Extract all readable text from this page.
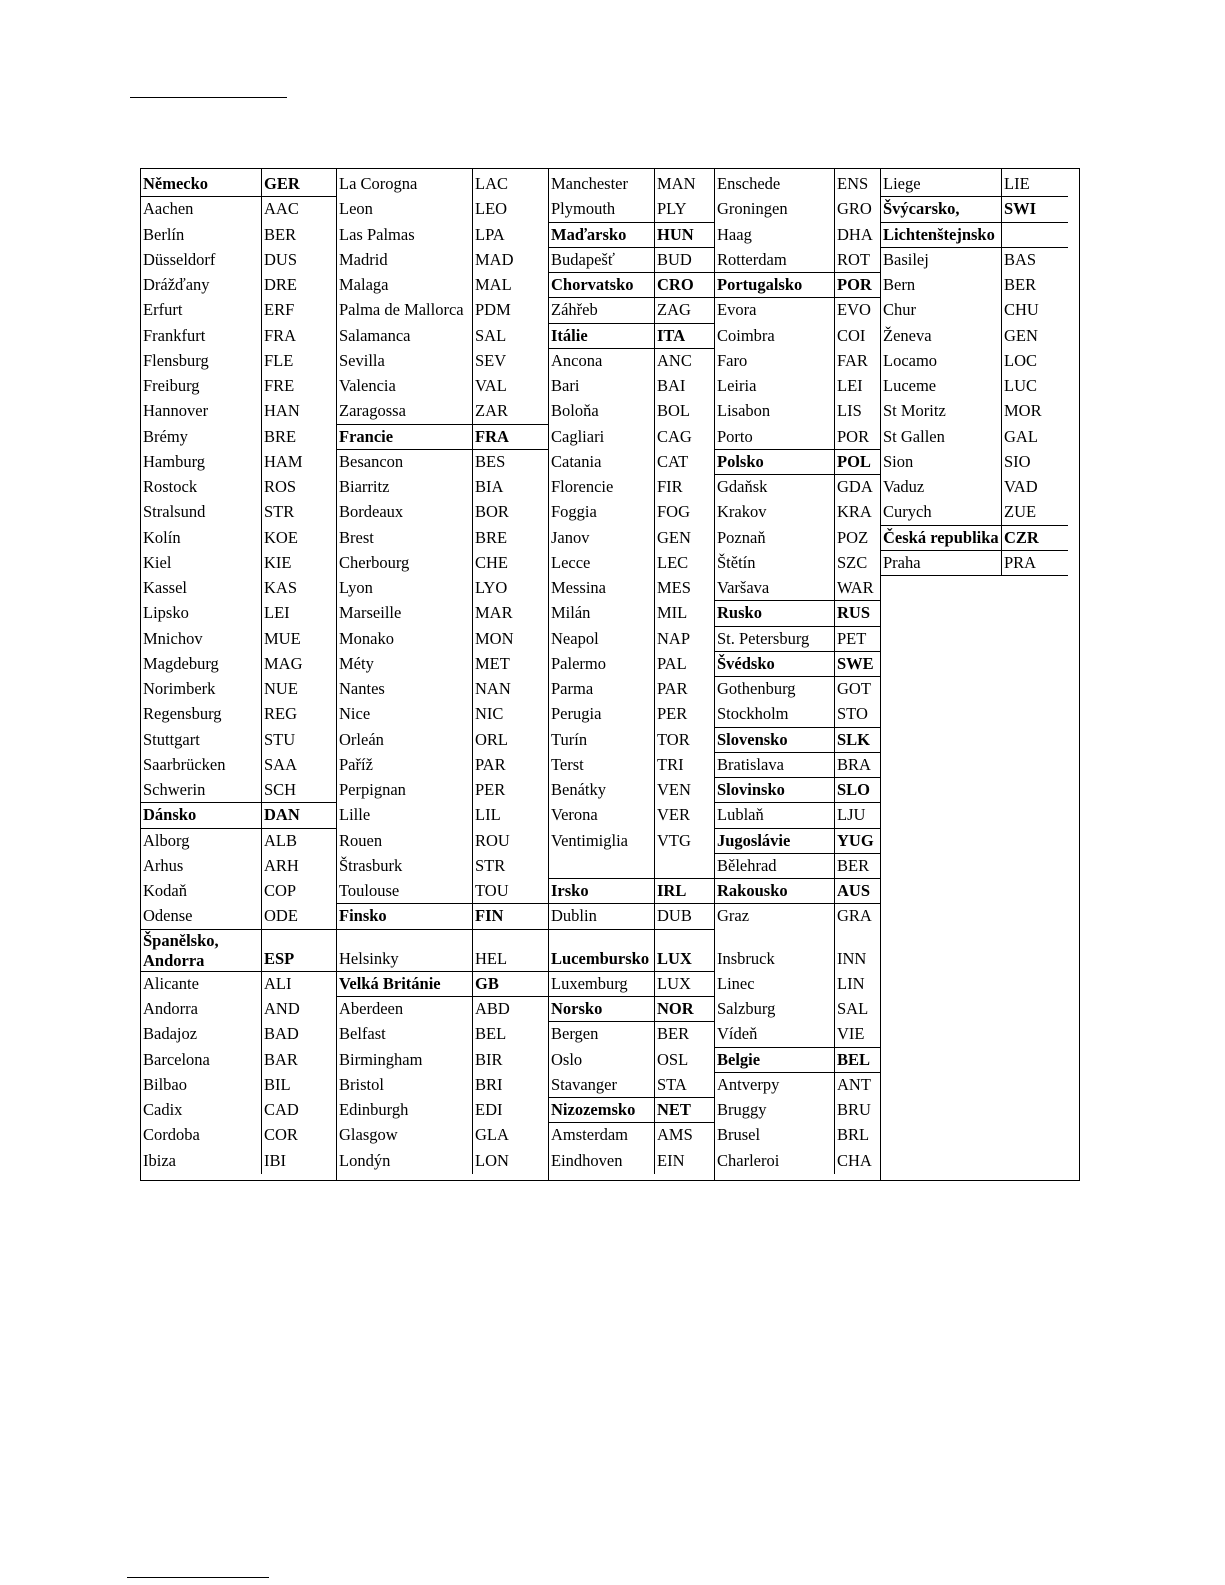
Německo	GER
Aachen	AAC
Berlín	BER
Düsseldorf	DUS
Drážďany	DRE
Erfurt	ERF
Frankfurt	FRA
Flensburg	FLE
Freiburg	FRE
Hannover	HAN
Brémy	BRE
Hamburg	HAM
Rostock	ROS
Stralsund	STR
Kolín	KOE
Kiel	KIE
Kassel	KAS
Lipsko	LEI
Mnichov	MUE
Magdeburg	MAG
Norimberk	NUE
Regensburg	REG
Stuttgart	STU
Saarbrücken SAA
Schwerin	SCH
Dánsko	DAN
Alborg	ALB
Arhus	ARH
Kodaň	COP
Odense	ODE
Španělsko,
Andorra	ESP
Alicante	ALI
Andorra	AND
Badajoz	BAD
Barcelona	BAR
Bilbao	BIL
Cadix	CAD
Cordoba	COR
Ibiza	IBI
La Corogna	LAC
Leon	LEO
Las Palmas	LPA
Madrid	MAD
Malaga	MAL
Palma de Mallorca PDM
Salamanca	SAL
Sevilla	SEV
Valencia	VAL
Zaragossa	ZAR
Francie	FRA
Besancon	BES
Biarritz	BIA
Bordeaux	BOR
Brest	BRE
Cherbourg	CHE
Lyon	LYO
Marseille	MAR
Monako	MON
Méty	MET
Nantes	NAN
Nice	NIC
Orleán	ORL
Paříž	PAR
Perpignan	PER
Lille	LIL
Rouen	ROU
Štrasburk	STR
Toulouse	TOU
Finsko	FIN
Helsinky	HEL
Velká Británie GB
Aberdeen	ABD
Belfast	BEL
Birmingham	BIR
Bristol	BRI
Edinburgh	EDI
Glasgow	GLA
Londýn	LON
Manchester MAN
Plymouth	PLY
Maďarsko HUN
Budapešť	BUD
Chorvatsko CRO
Záhřeb	ZAG
Itálie	ITA
Ancona	ANC
Bari	BAI
Boloňa	BOL
Cagliari	CAG
Catania	CAT
Florencie	FIR
Foggia	FOG
Janov	GEN
Lecce	LEC
Messina	MES
Milán	MIL
Neapol	NAP
Palermo	PAL
Parma	PAR
Perugia	PER
Turín	TOR
Terst	TRI
Benátky	VEN
Verona	VER
Ventimiglia VTG
Irsko	IRL
Dublin	DUB
Lucembursko LUX
Luxemburg LUX
Norsko	NOR
Bergen	BER
Oslo	OSL
Stavanger STA
Nizozemsko NET
Amsterdam AMS
Eindhoven EIN
Enschede	ENS
Groningen	GRO
Haag	DHA
Rotterdam	ROT
Portugalsko POR
Evora	EVO
Coimbra	COI
Faro	FAR
Leiria	LEI
Lisabon	LIS
Porto	POR
Polsko	POL
Gdaňsk	GDA
Krakov	KRA
Poznaň	POZ
Štětín	SZC
Varšava	WAR
Rusko	RUS
St. Petersburg PET
Švédsko	SWE
Gothenburg	GOT
Stockholm	STO
Slovensko	SLK
Bratislava	BRA
Slovinsko	SLO
Lublaň	LJU
Jugoslávie	YUG
Bělehrad	BER
Rakousko	AUS
Graz	GRA
Insbruck	INN
Linec	LIN
Salzburg	SAL
Vídeň	VIE
Belgie	BEL
Antverpy	ANT
Bruggy	BRU
Brusel	BRL
Charleroi	CHA
Liege	LIE
Švýcarsko,	SWI
Lichtenštejnsko
Basilej	BAS
Bern	BER
Chur	CHU
Ženeva	GEN
Locamo	LOC
Luceme	LUC
St Moritz	MOR
St Gallen	GAL
Sion	SIO
Vaduz	VAD
Curych	ZUE
Česká republika CZR
Praha	PRA
